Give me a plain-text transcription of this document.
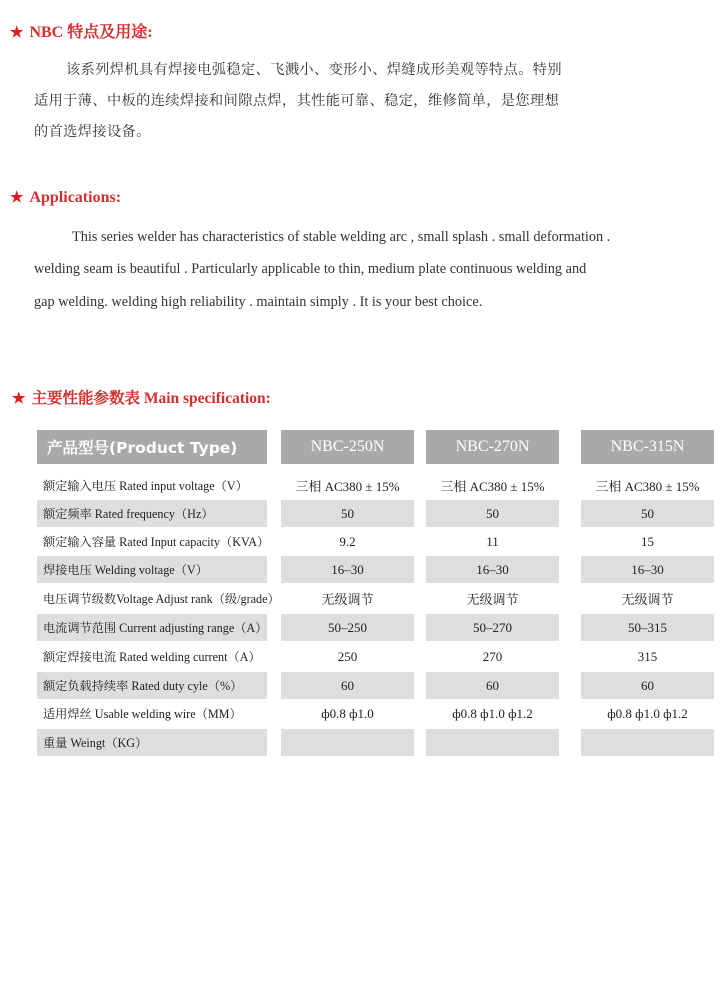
★ NBC 特点及用途:
该系列焊机具有焊接电弧稳定、飞溅小、变形小、焊缝成形美观等特点。特别
适用于薄、中板的连续焊接和间隙点焊，其性能可靠、稳定，维修简单，是您理想
的首选焊接设备。
★ Applications:
This series welder has characteristics of stable welding arc , small splash . small deformation .
welding seam is beautiful . Particularly applicable to thin, medium plate continuous welding and
gap welding. welding high reliability . maintain simply . It is your best choice.
★ 主要性能参数表 Main specification:
产品型号(Product Type)	NBC-250N	NBC-270N	NBC-315N
额定输入电压 Rated input voltage（V）	三相 AC380 ± 15%	三相 AC380 ± 15%	三相 AC380 ± 15%
额定频率 Rated frequency（Hz）	50	50	50
额定输入容量 Rated Input capacity（KVA）	9.2	11	15
焊接电压 Welding voltage（V）	16–30	16–30	16–30
电压调节级数Voltage Adjust rank（级/grade）	无级调节	无级调节	无级调节
电流调节范围 Current adjusting range（A）	50–250	50–270	50–315
额定焊接电流 Rated welding current（A）	250	270	315
额定负载持续率 Rated duty cyle（%）	60	60	60
适用焊丝 Usable welding wire（MM）	ф0.8 ф1.0	ф0.8 ф1.0 ф1.2	ф0.8 ф1.0 ф1.2
重量 Weingt（KG）
